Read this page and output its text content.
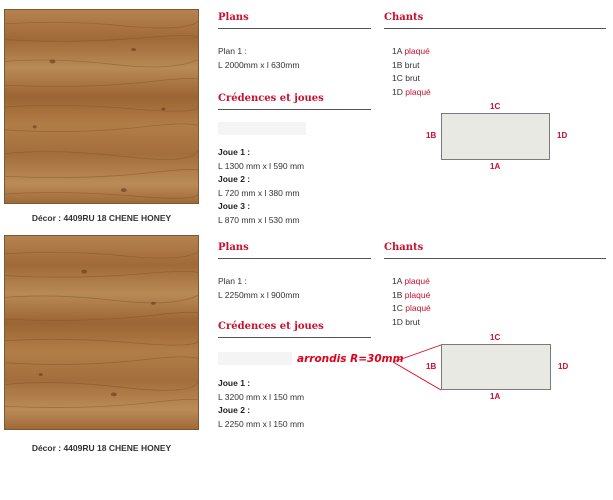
Décor : 4409RU 18 CHENE HONEY
Plans
Plan 1 :
L 2000mm x l 630mm
Crédences et joues
Joue 1 :
L 1300 mm x l 590 mm
Joue 2 :
L 720 mm x l 380 mm
Joue 3 :
L 870 mm x l 530 mm
Chants
1A plaqué
1B brut
1C brut
1D plaqué
1C
1B	1D
1A
Décor : 4409RU 18 CHENE HONEY
Plans
Plan 1 :
L 2250mm x l 900mm
Crédences et joues
Joue 1 :
L 3200 mm x l 150 mm
Joue 2 :
L 2250 mm x l 150 mm
Chants
1A plaqué
1B plaqué
1C plaqué
1D brut
arrondis R=30mm
1C
1B	1D
1A
